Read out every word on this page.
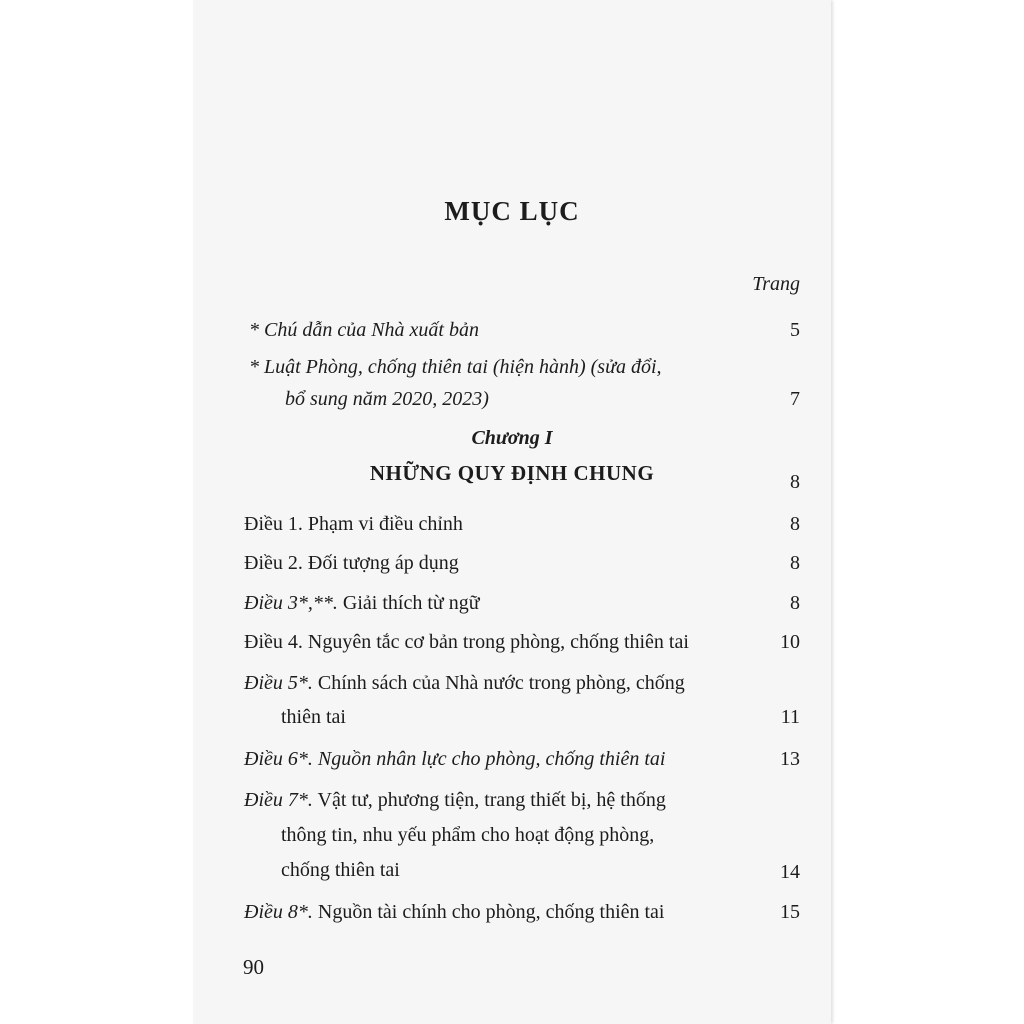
MỤC LỤC
Trang
* Chú dẫn của Nhà xuất bản	5
* Luật Phòng, chống thiên tai (hiện hành) (sửa đổi,
bổ sung năm 2020, 2023)	7
Chương I
NHỮNG QUY ĐỊNH CHUNG	8
Điều 1. Phạm vi điều chỉnh	8
Điều 2. Đối tượng áp dụng	8
Điều 3*,**. Giải thích từ ngữ	8
Điều 4. Nguyên tắc cơ bản trong phòng, chống thiên tai	10
Điều 5*. Chính sách của Nhà nước trong phòng, chống
thiên tai	11
Điều 6*. Nguồn nhân lực cho phòng, chống thiên tai	13
Điều 7*. Vật tư, phương tiện, trang thiết bị, hệ thống
thông tin, nhu yếu phẩm cho hoạt động phòng,
chống thiên tai	14
Điều 8*. Nguồn tài chính cho phòng, chống thiên tai	15
90
